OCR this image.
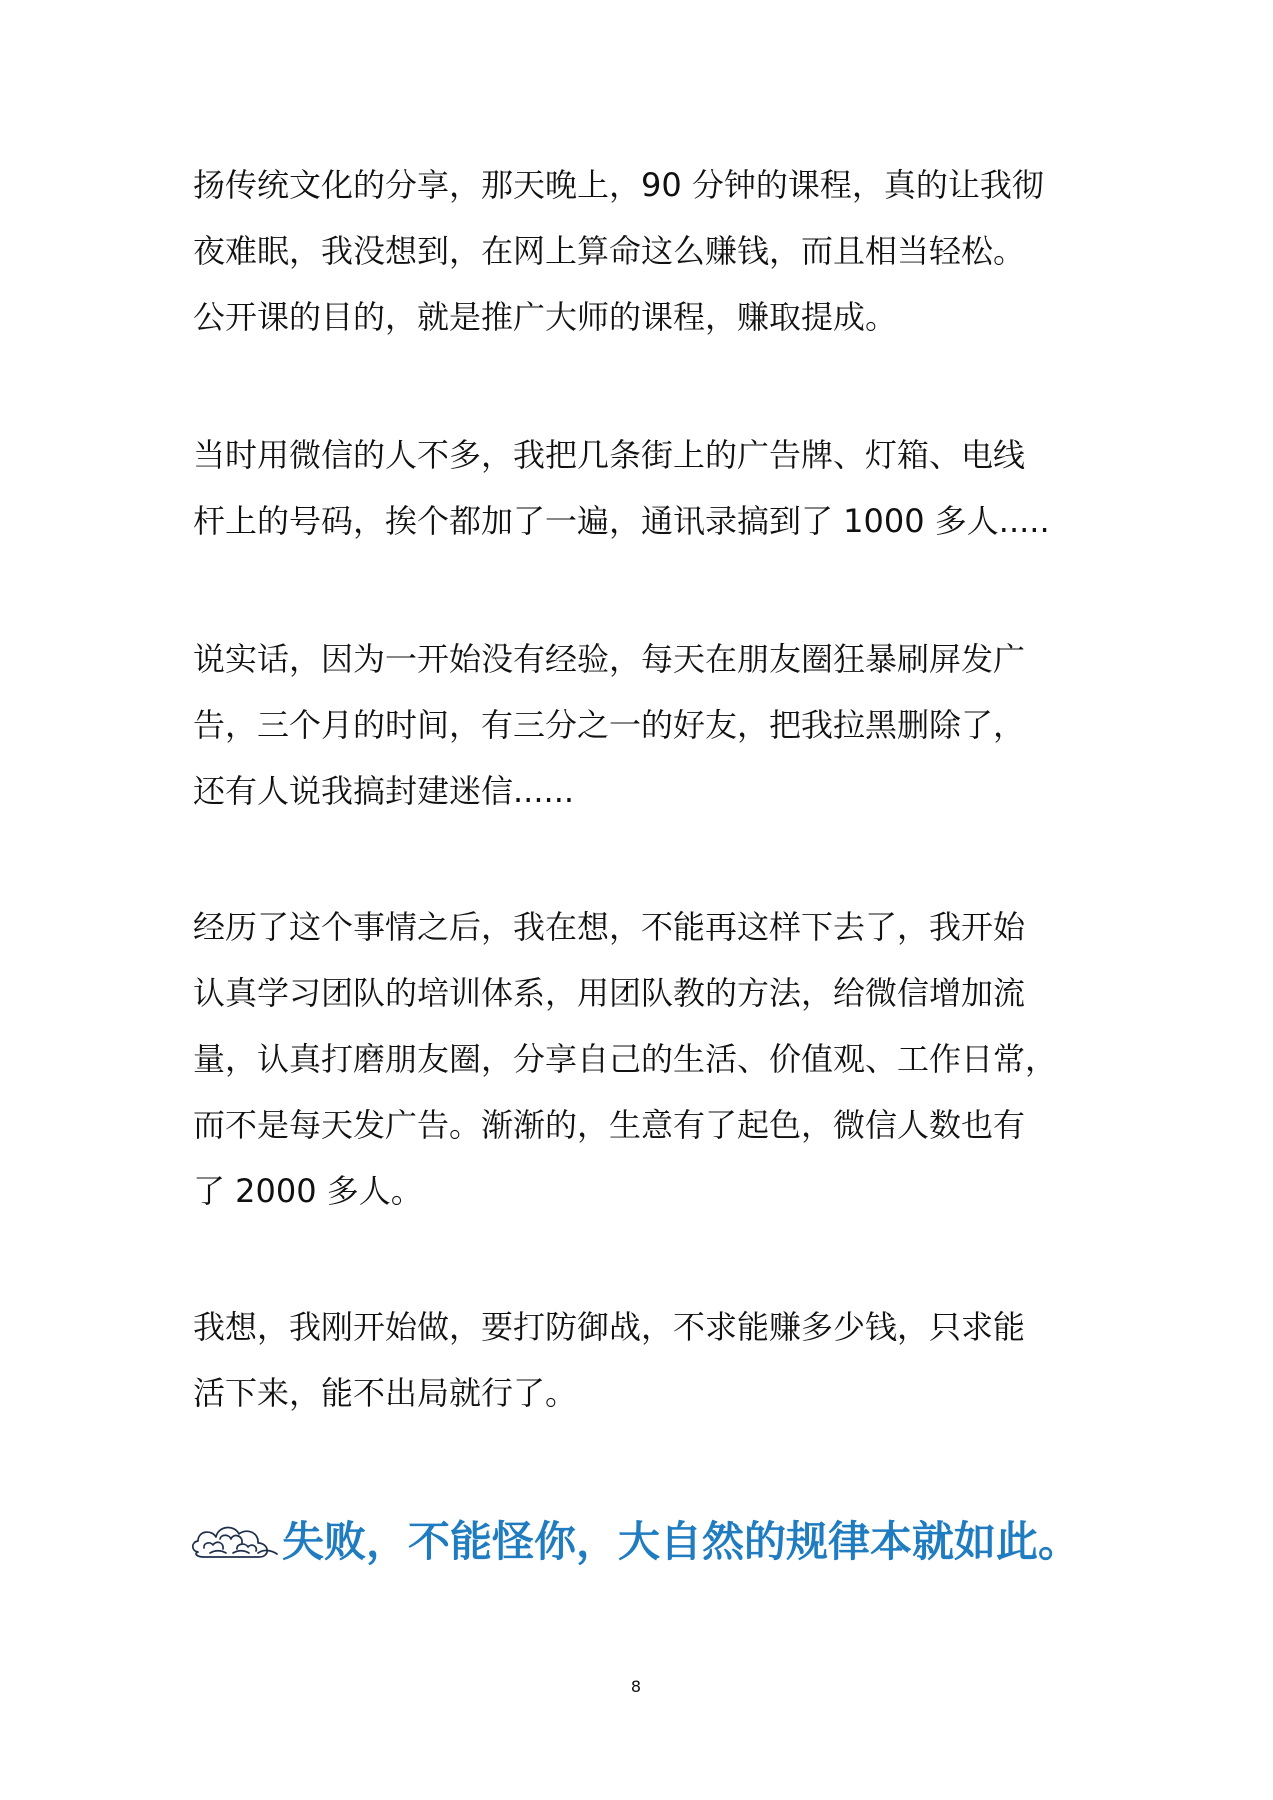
扬传统文化的分享，那天晚上，90 分钟的课程，真的让我彻
夜难眠，我没想到，在网上算命这么赚钱，而且相当轻松。
公开课的目的，就是推广大师的课程，赚取提成。
当时用微信的人不多，我把几条街上的广告牌、灯箱、电线
杆上的号码，挨个都加了一遍，通讯录搞到了 1000 多人.....
说实话，因为一开始没有经验，每天在朋友圈狂暴刷屏发广
告，三个月的时间，有三分之一的好友，把我拉黑删除了，
还有人说我搞封建迷信......
经历了这个事情之后，我在想，不能再这样下去了，我开始
认真学习团队的培训体系，用团队教的方法，给微信增加流
量，认真打磨朋友圈，分享自己的生活、价值观、工作日常，
而不是每天发广告。渐渐的，生意有了起色，微信人数也有
了 2000 多人。
我想，我刚开始做，要打防御战，不求能赚多少钱，只求能
活下来，能不出局就行了。
失败，不能怪你，大自然的规律本就如此。
8
